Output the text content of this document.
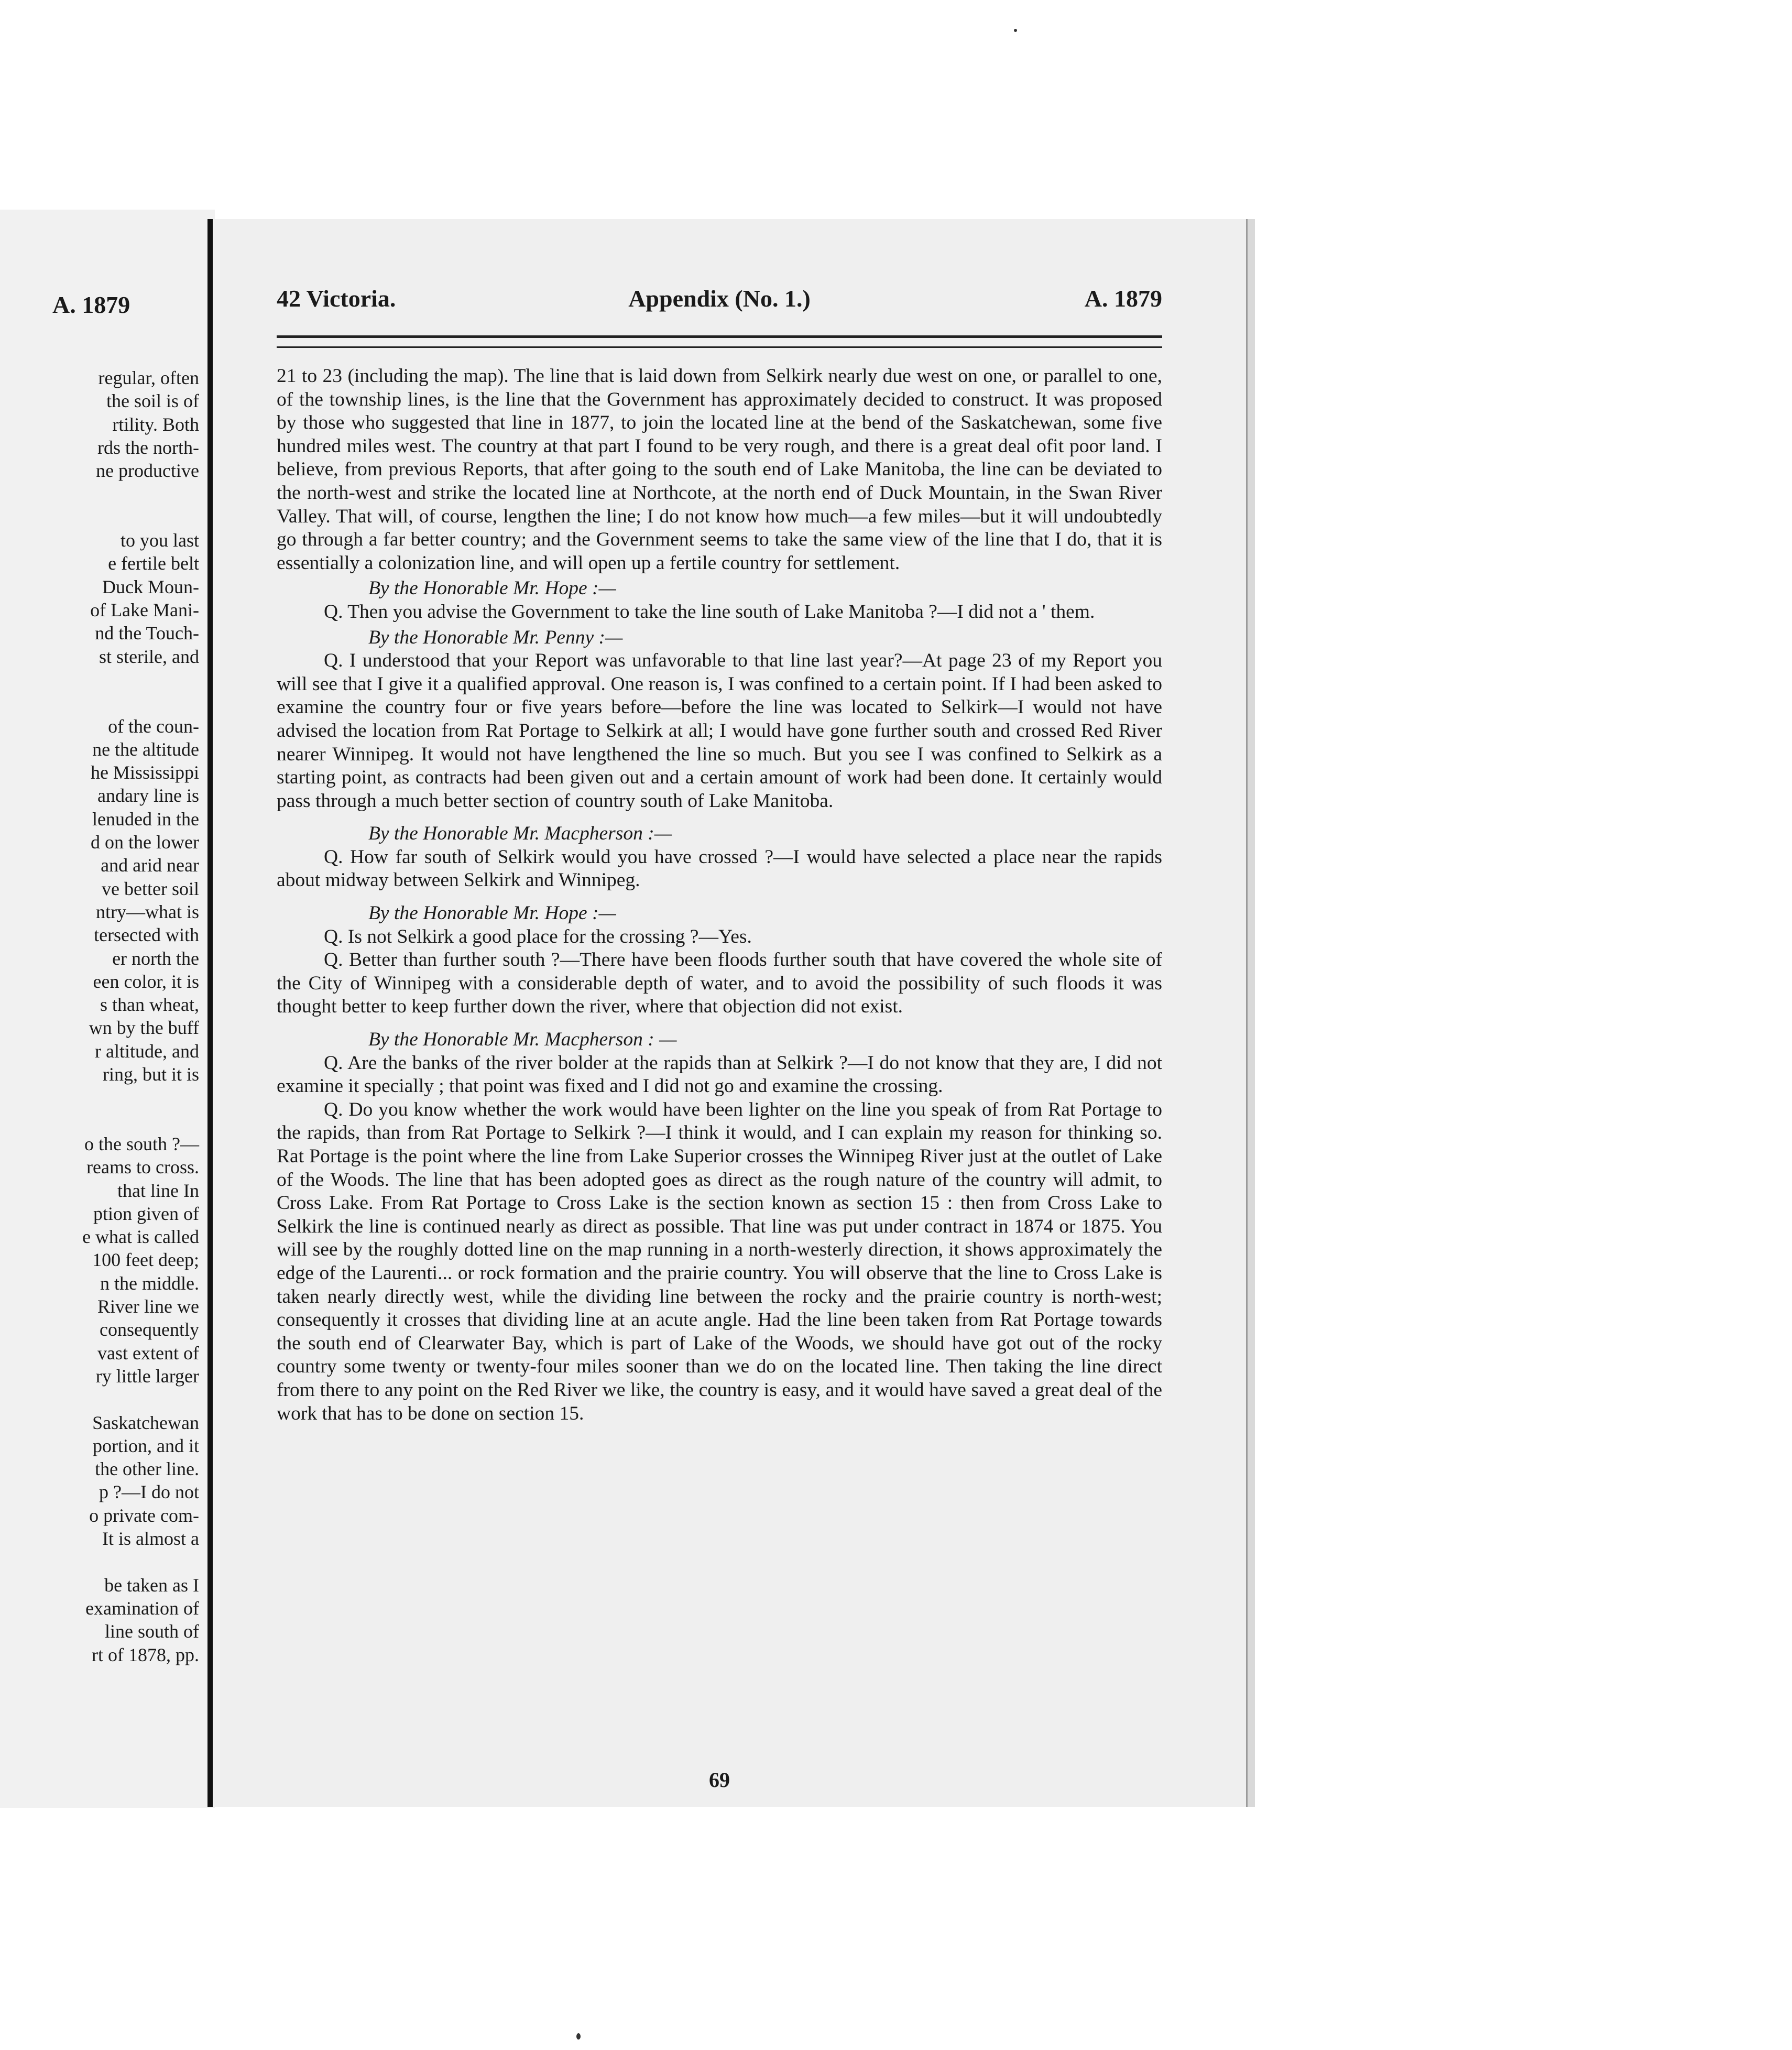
A. 1879
regular, often
the soil is of
rtility. Both
rds the north-
ne productive
to you last
e fertile belt
Duck Moun-
of Lake Mani-
nd the Touch-
st sterile, and
of the coun-
ne the altitude
he Mississippi
andary line is
lenuded in the
d on the lower
and arid near
ve better soil
ntry—what is
tersected with
er north the
een color, it is
s than wheat,
wn by the buff
r altitude, and
ring, but it is
o the south ?—
reams to cross.
that line In
ption given of
e what is called
100 feet deep;
n the middle.
River line we
consequently
vast extent of
ry little larger
Saskatchewan
portion, and it
the other line.
p ?—I do not
o private com-
It is almost a
be taken as I
examination of
line south of
rt of 1878, pp.
42 Victoria.	Appendix (No. 1.)	A. 1879

21 to 23 (including the map). The line that is laid down from Selkirk nearly due west on one, or parallel to one, of the township lines, is the line that the Government has approximately decided to construct. It was proposed by those who suggested that line in 1877, to join the located line at the bend of the Saskatchewan, some five hundred miles west. The country at that part I found to be very rough, and there is a great deal ofit poor land. I believe, from previous Reports, that after going to the south end of Lake Manitoba, the line can be deviated to the north-west and strike the located line at Northcote, at the north end of Duck Mountain, in the Swan River Valley. That will, of course, lengthen the line; I do not know how much—a few miles—but it will undoubtedly go through a far better country; and the Government seems to take the same view of the line that I do, that it is essentially a colonization line, and will open up a fertile country for settlement.

By the Honorable Mr. Hope :—

Q. Then you advise the Government to take the line south of Lake Manitoba ?—I did not a ' them.

By the Honorable Mr. Penny :—

Q. I understood that your Report was unfavorable to that line last year?—At page 23 of my Report you will see that I give it a qualified approval. One reason is, I was confined to a certain point. If I had been asked to examine the country four or five years before—before the line was located to Selkirk—I would not have advised the location from Rat Portage to Selkirk at all; I would have gone further south and crossed Red River nearer Winnipeg. It would not have lengthened the line so much. But you see I was confined to Selkirk as a starting point, as contracts had been given out and a certain amount of work had been done. It certainly would pass through a much better section of country south of Lake Manitoba.

By the Honorable Mr. Macpherson :—

Q. How far south of Selkirk would you have crossed ?—I would have selected a place near the rapids about midway between Selkirk and Winnipeg.

By the Honorable Mr. Hope :—

Q. Is not Selkirk a good place for the crossing ?—Yes.

Q. Better than further south ?—There have been floods further south that have covered the whole site of the City of Winnipeg with a considerable depth of water, and to avoid the possibility of such floods it was thought better to keep further down the river, where that objection did not exist.

By the Honorable Mr. Macpherson : —

Q. Are the banks of the river bolder at the rapids than at Selkirk ?—I do not know that they are, I did not examine it specially ; that point was fixed and I did not go and examine the crossing.

Q. Do you know whether the work would have been lighter on the line you speak of from Rat Portage to the rapids, than from Rat Portage to Selkirk ?—I think it would, and I can explain my reason for thinking so. Rat Portage is the point where the line from Lake Superior crosses the Winnipeg River just at the outlet of Lake of the Woods. The line that has been adopted goes as direct as the rough nature of the country will admit, to Cross Lake. From Rat Portage to Cross Lake is the section known as section 15 : then from Cross Lake to Selkirk the line is continued nearly as direct as possible. That line was put under contract in 1874 or 1875. You will see by the roughly dotted line on the map running in a north-westerly direction, it shows approximately the edge of the Laurenti... or rock formation and the prairie country. You will observe that the line to Cross Lake is taken nearly directly west, while the dividing line between the rocky and the prairie country is north-west; consequently it crosses that dividing line at an acute angle. Had the line been taken from Rat Portage towards the south end of Clearwater Bay, which is part of Lake of the Woods, we should have got out of the rocky country some twenty or twenty-four miles sooner than we do on the located line. Then taking the line direct from there to any point on the Red River we like, the country is easy, and it would have saved a great deal of the work that has to be done on section 15.

69
